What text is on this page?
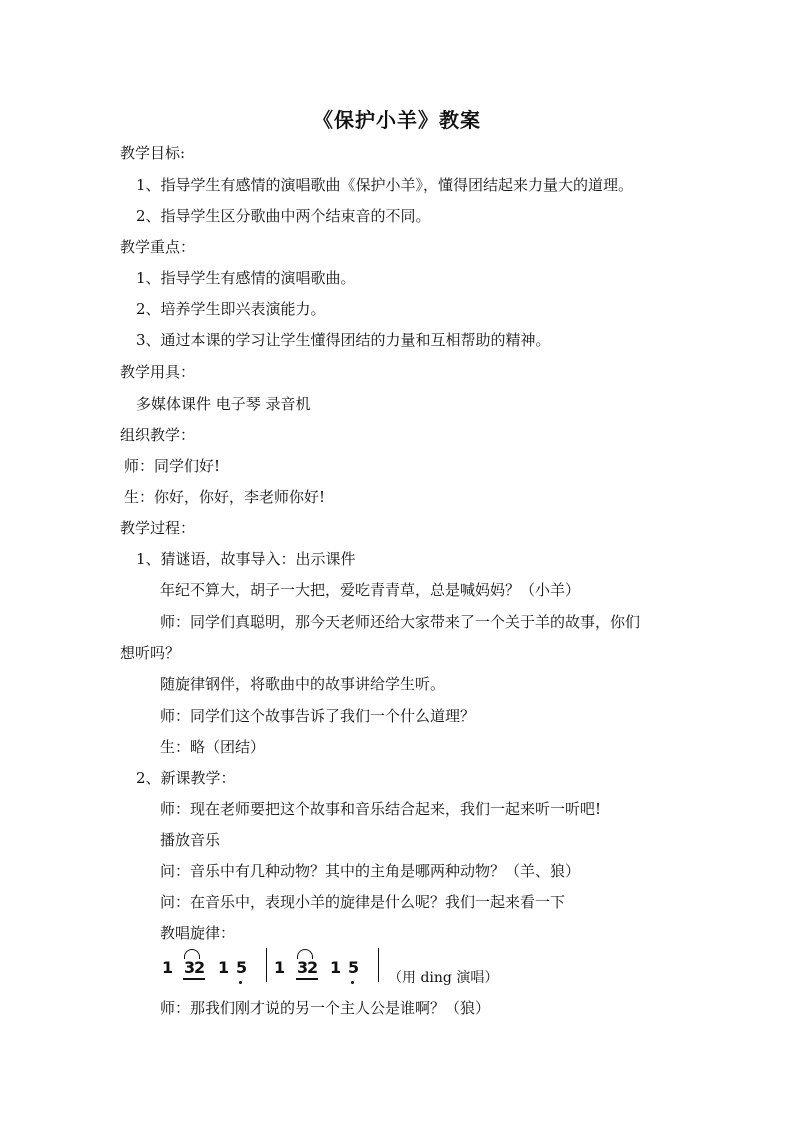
《保护小羊》教案
教学目标:
1、指导学生有感情的演唱歌曲《保护小羊》，懂得团结起来力量大的道理。
2、指导学生区分歌曲中两个结束音的不同。
教学重点：
1、指导学生有感情的演唱歌曲。
2、培养学生即兴表演能力。
3、通过本课的学习让学生懂得团结的力量和互相帮助的精神。
教学用具：
多媒体课件 电子琴 录音机
组织教学：
师：同学们好!
生：你好，你好，李老师你好!
教学过程：
1、猜谜语，故事导入：出示课件
年纪不算大，胡子一大把，爱吃青青草，总是喊妈妈？（小羊）
师：同学们真聪明，那今天老师还给大家带来了一个关于羊的故事，你们
想听吗？
随旋律钢伴，将歌曲中的故事讲给学生听。
师：同学们这个故事告诉了我们一个什么道理？
生：略（团结）
2、新课教学：
师：现在老师要把这个故事和音乐结合起来，我们一起来听一听吧!
播放音乐
问：音乐中有几种动物？其中的主角是哪两种动物？（羊、狼）
问：在音乐中，表现小羊的旋律是什么呢？我们一起来看一下
教唱旋律：
1 3
2 1 5 1 3
2 1 5
（用 ding 演唱）
师：那我们刚才说的另一个主人公是谁啊？（狼）
